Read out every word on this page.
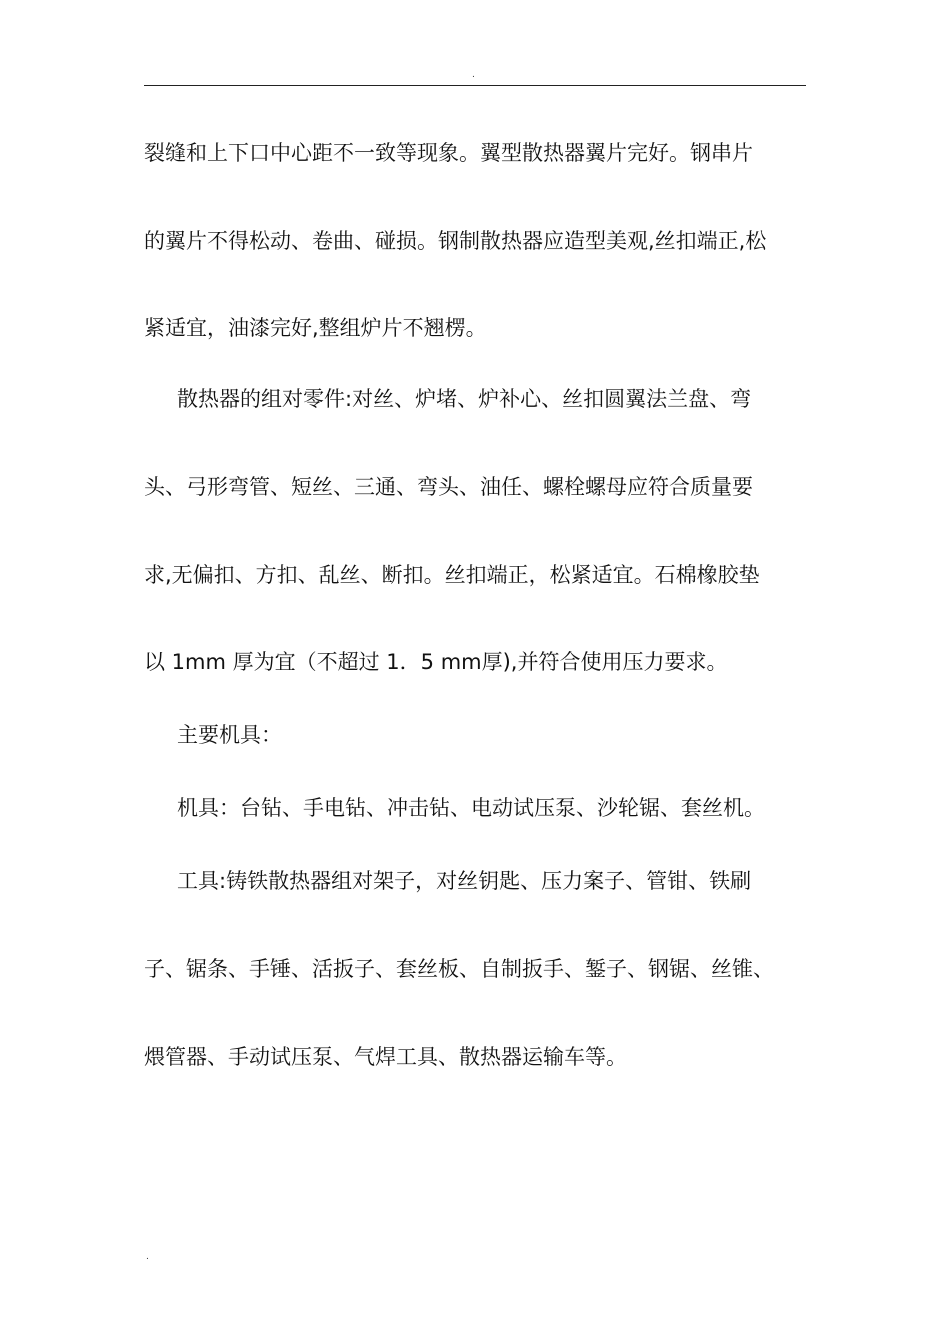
.
裂缝和上下口中心距不一致等现象。翼型散热器翼片完好。钢串片
的翼片不得松动、卷曲、碰损。钢制散热器应造型美观,丝扣端正,松
紧适宜，油漆完好,整组炉片不翘楞。
散热器的组对零件:对丝、炉堵、炉补心、丝扣圆翼法兰盘、弯
头、弓形弯管、短丝、三通、弯头、油任、螺栓螺母应符合质量要
求,无偏扣、方扣、乱丝、断扣。丝扣端正，松紧适宜。石棉橡胶垫
以 1mm 厚为宜（不超过 1．5 mm厚),并符合使用压力要求。
主要机具：
机具：台钻、手电钻、冲击钻、电动试压泵、沙轮锯、套丝机。
工具:铸铁散热器组对架子，对丝钥匙、压力案子、管钳、铁刷
子、锯条、手锤、活扳子、套丝板、自制扳手、錾子、钢锯、丝锥、
煨管器、手动试压泵、气焊工具、散热器运输车等。
.
